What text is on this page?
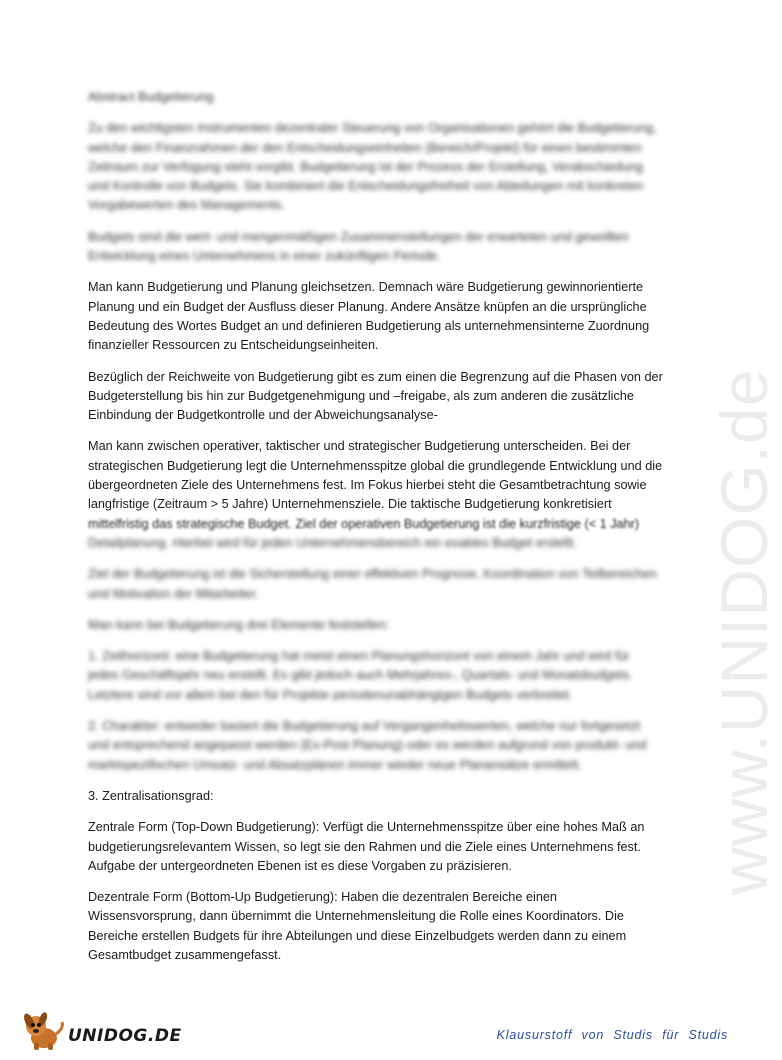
www.UNIDOG.de
Abstract Budgetierung

Zu den wichtigsten Instrumenten dezentraler Steuerung von Organisationen gehört die Budgetierung, welche den Finanzrahmen der den Entscheidungseinheiten (Bereich/Projekt) für einen bestimmten Zeitraum zur Verfügung steht vorgibt. Budgetierung ist der Prozess der Erstellung, Verabschiedung und Kontrolle von Budgets. Sie kombiniert die Entscheidungsfreiheit von Abteilungen mit konkreten Vorgabewerten des Managements.

Budgets sind die wert- und mengenmäßigen Zusammenstellungen der erwarteten und gewollten Entwicklung eines Unternehmens in einer zukünftigen Periode.

Man kann Budgetierung und Planung gleichsetzen. Demnach wäre Budgetierung gewinnorientierte Planung und ein Budget der Ausfluss dieser Planung. Andere Ansätze knüpfen an die ursprüngliche Bedeutung des Wortes Budget an und definieren Budgetierung als unternehmensinterne Zuordnung finanzieller Ressourcen zu Entscheidungseinheiten.

Bezüglich der Reichweite von Budgetierung gibt es zum einen die Begrenzung auf die Phasen von der Budgeterstellung bis hin zur Budgetgenehmigung und –freigabe, als zum anderen die zusätzliche Einbindung der Budgetkontrolle und der Abweichungsanalyse-

Man kann zwischen operativer, taktischer und strategischer Budgetierung unterscheiden. Bei der strategischen Budgetierung legt die Unternehmensspitze global die grundlegende Entwicklung und die übergeordneten Ziele des Unternehmens fest. Im Fokus hierbei steht die Gesamtbetrachtung sowie langfristige (Zeitraum > 5 Jahre) Unternehmensziele. Die taktische Budgetierung konkretisiert mittelfristig das strategische Budget. Ziel der operativen Budgetierung ist die kurzfristige (< 1 Jahr) Detailplanung. Hierbei wird für jeden Unternehmensbereich ein exaktes Budget erstellt.

Ziel der Budgetierung ist die Sicherstellung einer effektiven Prognose, Koordination von Teilbereichen und Motivation der Mitarbeiter.

Man kann bei Budgetierung drei Elemente feststellen:

1. Zeithorizont: eine Budgetierung hat meist einen Planungshorizont von einem Jahr und wird für jedes Geschäftsjahr neu erstellt. Es gibt jedoch auch Mehrjahres-, Quartals- und Monatsbudgets. Letztere sind vor allem bei den für Projekte periodenunabhängigen Budgets verbreitet.

2. Charakter: entweder basiert die Budgetierung auf Vergangenheitswerten, welche nur fortgesetzt und entsprechend angepasst werden (Ex-Post Planung) oder es werden aufgrund von produkt- und marktspezifischen Umsatz- und Absatzplänen immer wieder neue Planansätze ermittelt.

3. Zentralisationsgrad:

Zentrale Form (Top-Down Budgetierung): Verfügt die Unternehmensspitze über eine hohes Maß an budgetierungsrelevantem Wissen, so legt sie den Rahmen und die Ziele eines Unternehmens fest. Aufgabe der untergeordneten Ebenen ist es diese Vorgaben zu präzisieren.

Dezentrale Form (Bottom-Up Budgetierung): Haben die dezentralen Bereiche einen Wissensvorsprung, dann übernimmt die Unternehmensleitung die Rolle eines Koordinators. Die Bereiche erstellen Budgets für ihre Abteilungen und diese Einzelbudgets werden dann zu einem Gesamtbudget zusammengefasst.

UNIDOG.DE	Klausurstoff von Studis für Studis
